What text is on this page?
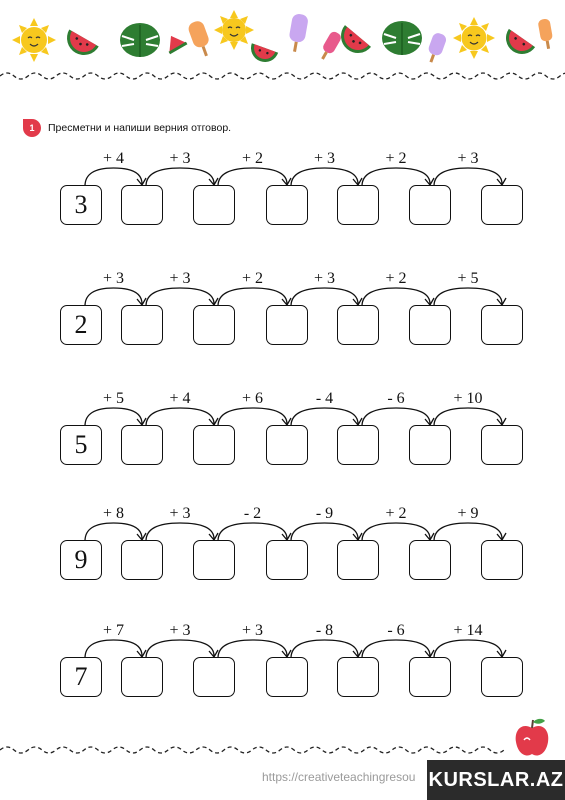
1	Пресметни и напиши верния отговор.
3
+ 4	+ 3	+ 2	+ 3	+ 2	+ 3
2
+ 3	+ 3	+ 2	+ 3	+ 2	+ 5
5
+ 5	+ 4	+ 6	- 4	- 6	+ 10
9
+ 8	+ 3	- 2	- 9	+ 2	+ 9
7
+ 7	+ 3	+ 3	- 8	- 6	+ 14
https://creativeteachingresou KURSLAR.AZ
